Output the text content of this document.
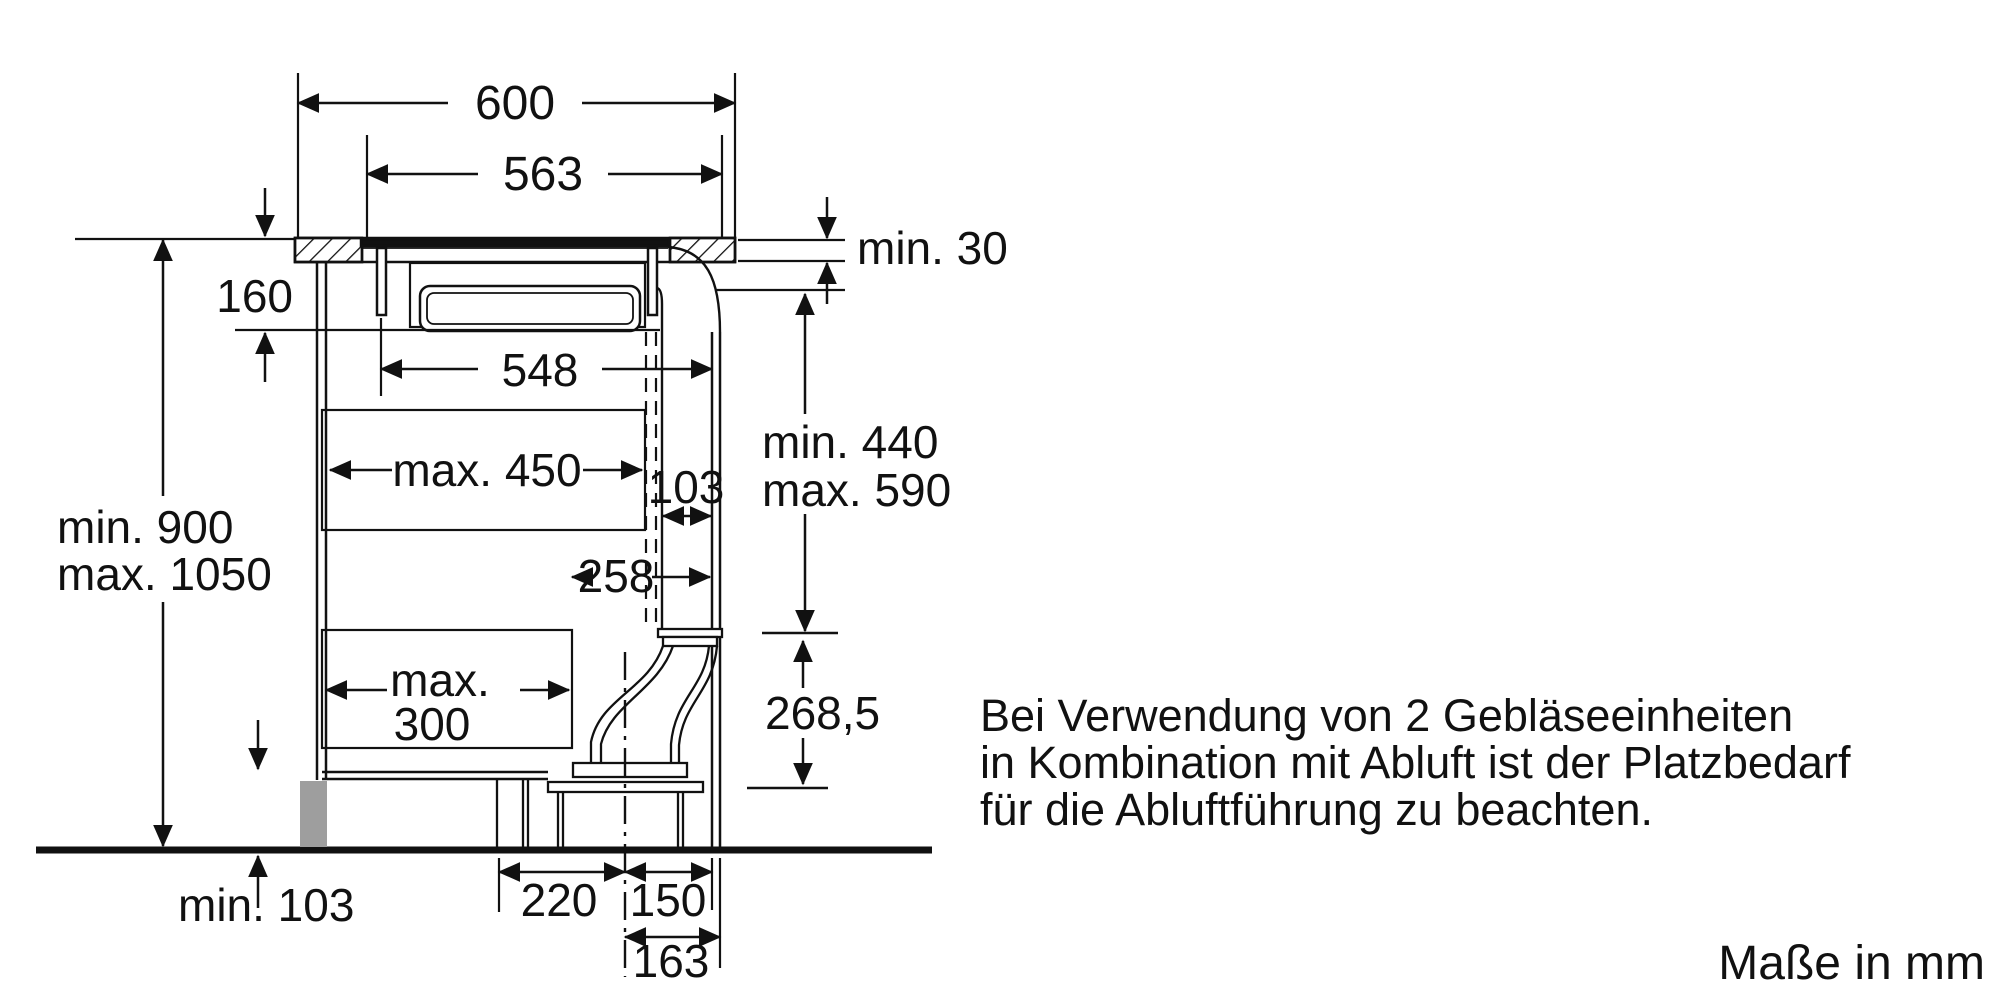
600
563
min. 30
160
548
min. 900
max. 1050
min. 440
max. 590
103
max. 450
258
max.
300	268,5
min. 103	220 150
163
Bei Verwendung von 2 Gebläseeinheiten
in Kombination mit Abluft ist der Platzbedarf
für die Abluftführung zu beachten.
Maße in mm
